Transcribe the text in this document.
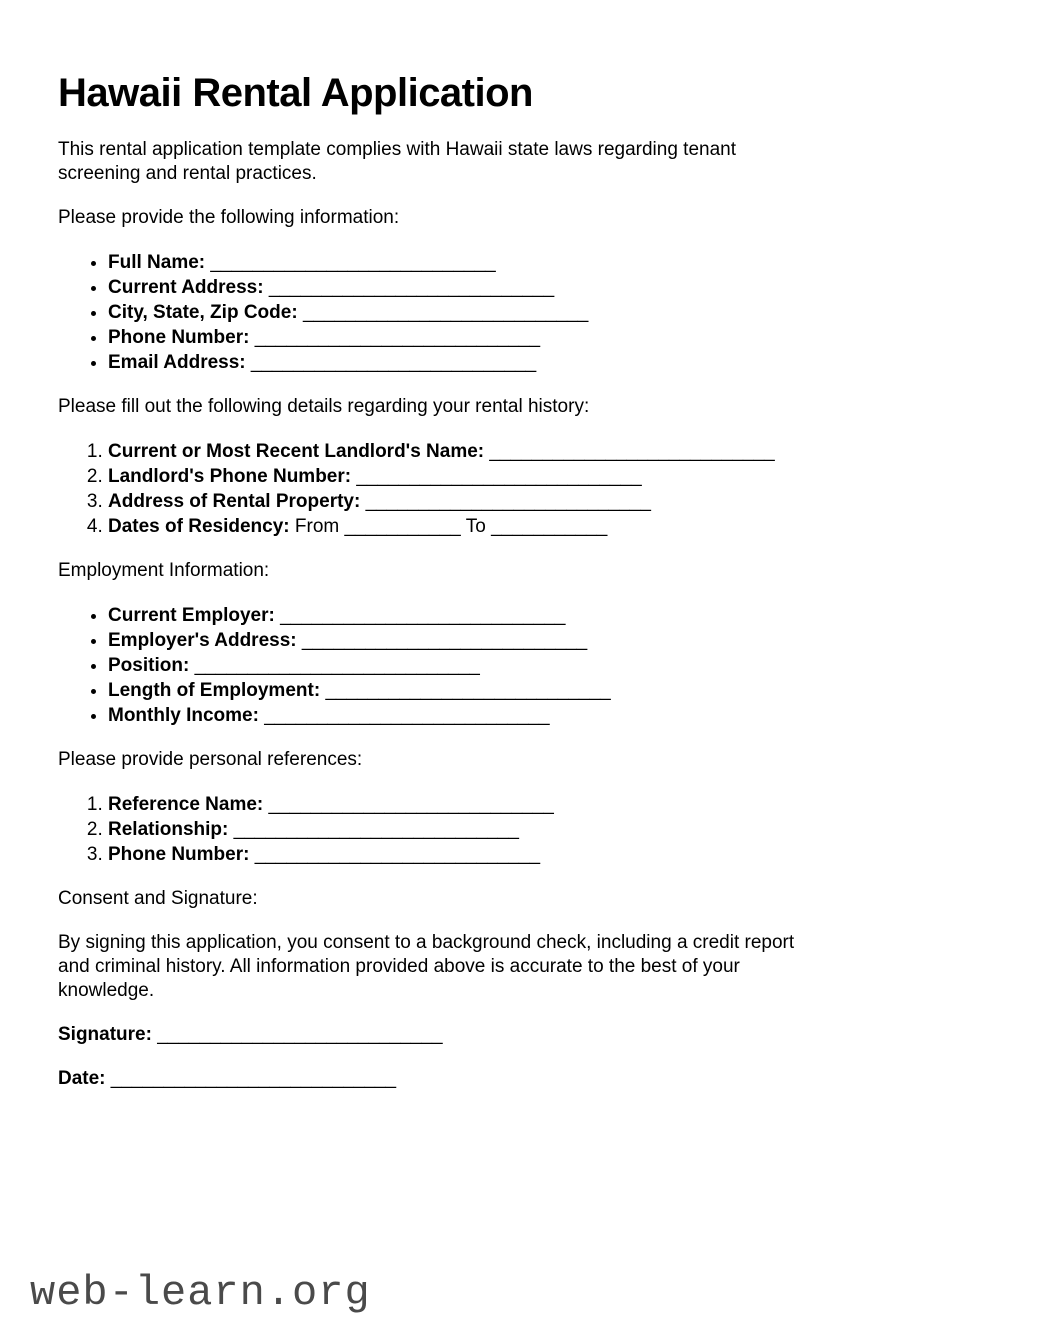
Hawaii Rental Application

This rental application template complies with Hawaii state laws regarding tenant
screening and rental practices.

Please provide the following information:

• Full Name: ___________________________
• Current Address: ___________________________
• City, State, Zip Code: ___________________________
• Phone Number: ___________________________
• Email Address: ___________________________

Please fill out the following details regarding your rental history:

1. Current or Most Recent Landlord's Name: ___________________________
2. Landlord's Phone Number: ___________________________
3. Address of Rental Property: ___________________________
4. Dates of Residency: From ___________ To ___________

Employment Information:

• Current Employer: ___________________________
• Employer's Address: ___________________________
• Position: ___________________________
• Length of Employment: ___________________________
• Monthly Income: ___________________________

Please provide personal references:

1. Reference Name: ___________________________
2. Relationship: ___________________________
3. Phone Number: ___________________________

Consent and Signature:

By signing this application, you consent to a background check, including a credit report
and criminal history. All information provided above is accurate to the best of your
knowledge.

Signature: ___________________________

Date: ___________________________

web-learn.org
